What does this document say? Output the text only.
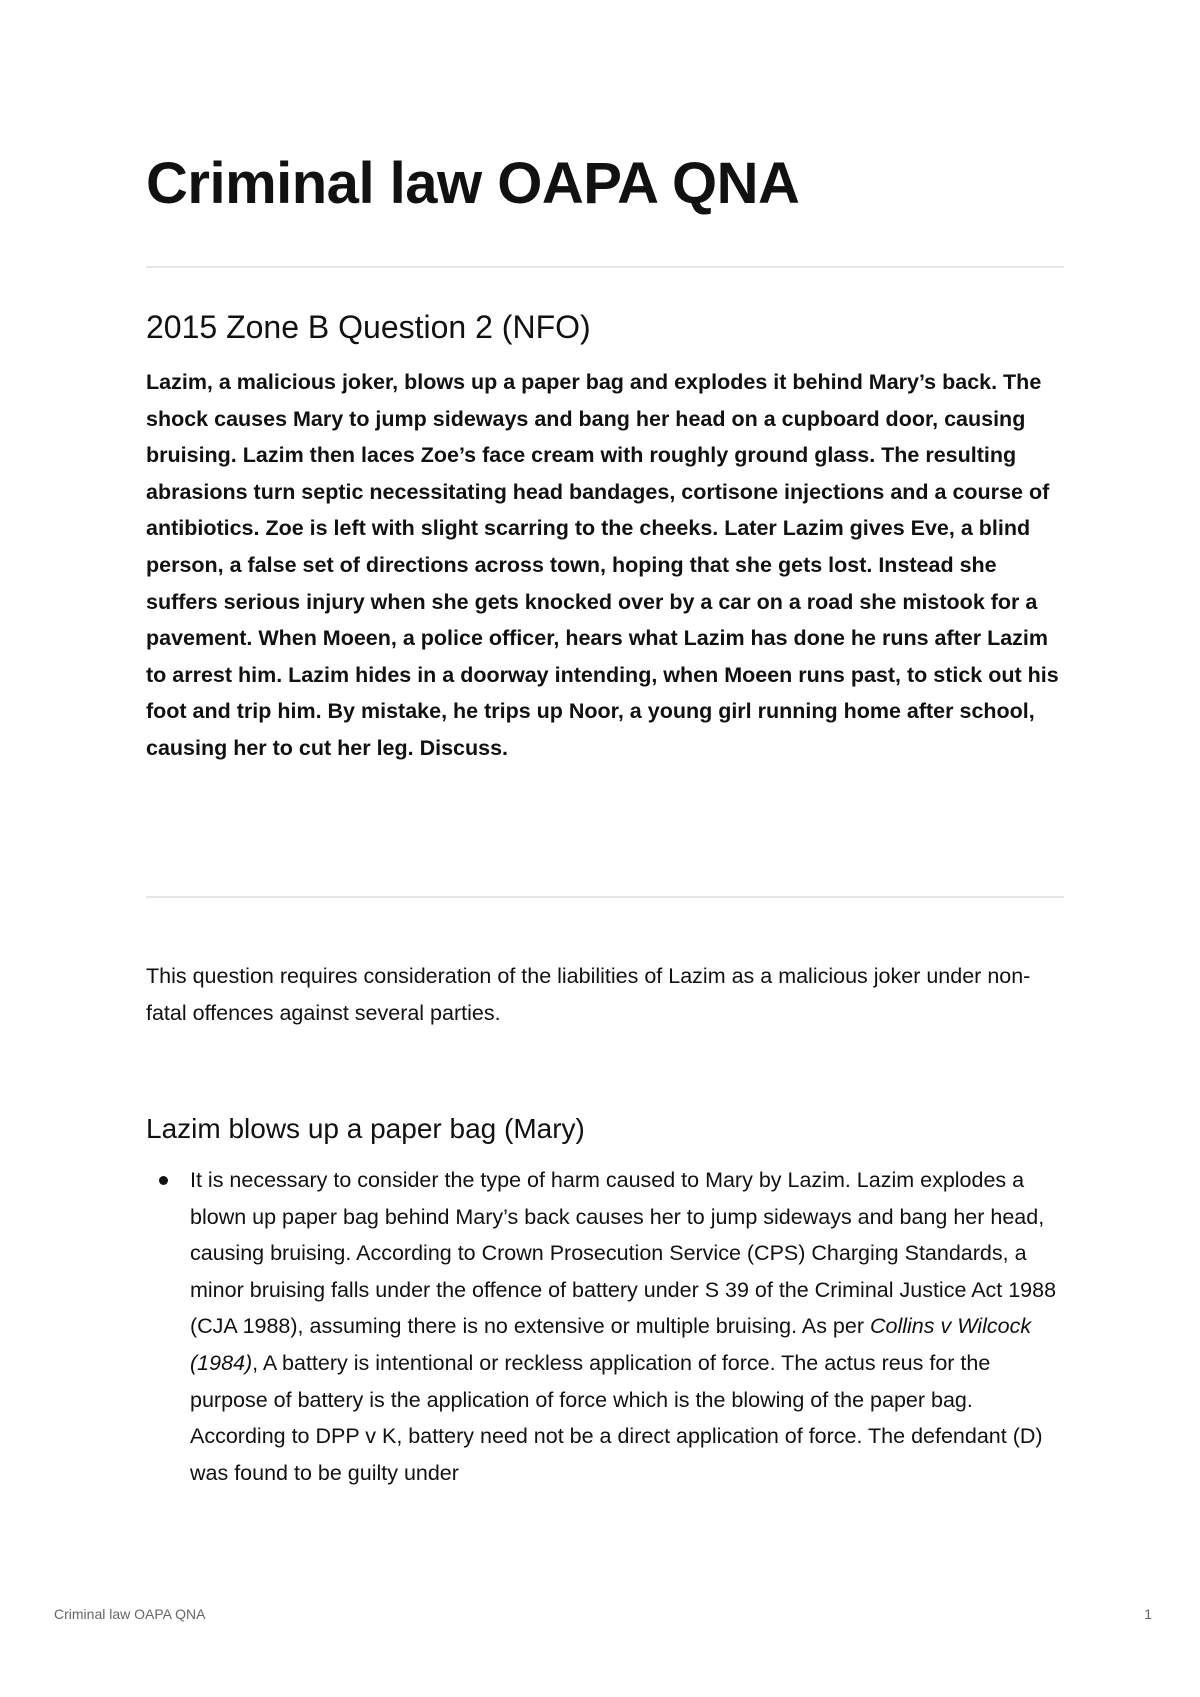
Criminal law OAPA QNA
2015 Zone B Question 2 (NFO)

Lazim, a malicious joker, blows up a paper bag and explodes it behind Mary’s back. The shock causes Mary to jump sideways and bang her head on a cupboard door, causing bruising. Lazim then laces Zoe’s face cream with roughly ground glass. The resulting abrasions turn septic necessitating head bandages, cortisone injections and a course of antibiotics. Zoe is left with slight scarring to the cheeks. Later Lazim gives Eve, a blind person, a false set of directions across town, hoping that she gets lost. Instead she suffers serious injury when she gets knocked over by a car on a road she mistook for a pavement. When Moeen, a police officer, hears what Lazim has done he runs after Lazim to arrest him. Lazim hides in a doorway intending, when Moeen runs past, to stick out his foot and trip him. By mistake, he trips up Noor, a young girl running home after school, causing her to cut her leg. Discuss.

This question requires consideration of the liabilities of Lazim as a malicious joker under non-fatal offences against several parties.

Lazim blows up a paper bag (Mary)
It is necessary to consider the type of harm caused to Mary by Lazim. Lazim explodes a blown up paper bag behind Mary’s back causes her to jump sideways and bang her head, causing bruising. According to Crown Prosecution Service (CPS) Charging Standards, a minor bruising falls under the offence of battery under S 39 of the Criminal Justice Act 1988 (CJA 1988), assuming there is no extensive or multiple bruising. As per Collins v Wilcock (1984), A battery is intentional or reckless application of force. The actus reus for the purpose of battery is the application of force which is the blowing of the paper bag. According to DPP v K, battery need not be a direct application of force. The defendant (D) was found to be guilty under
Criminal law OAPA QNA	1
